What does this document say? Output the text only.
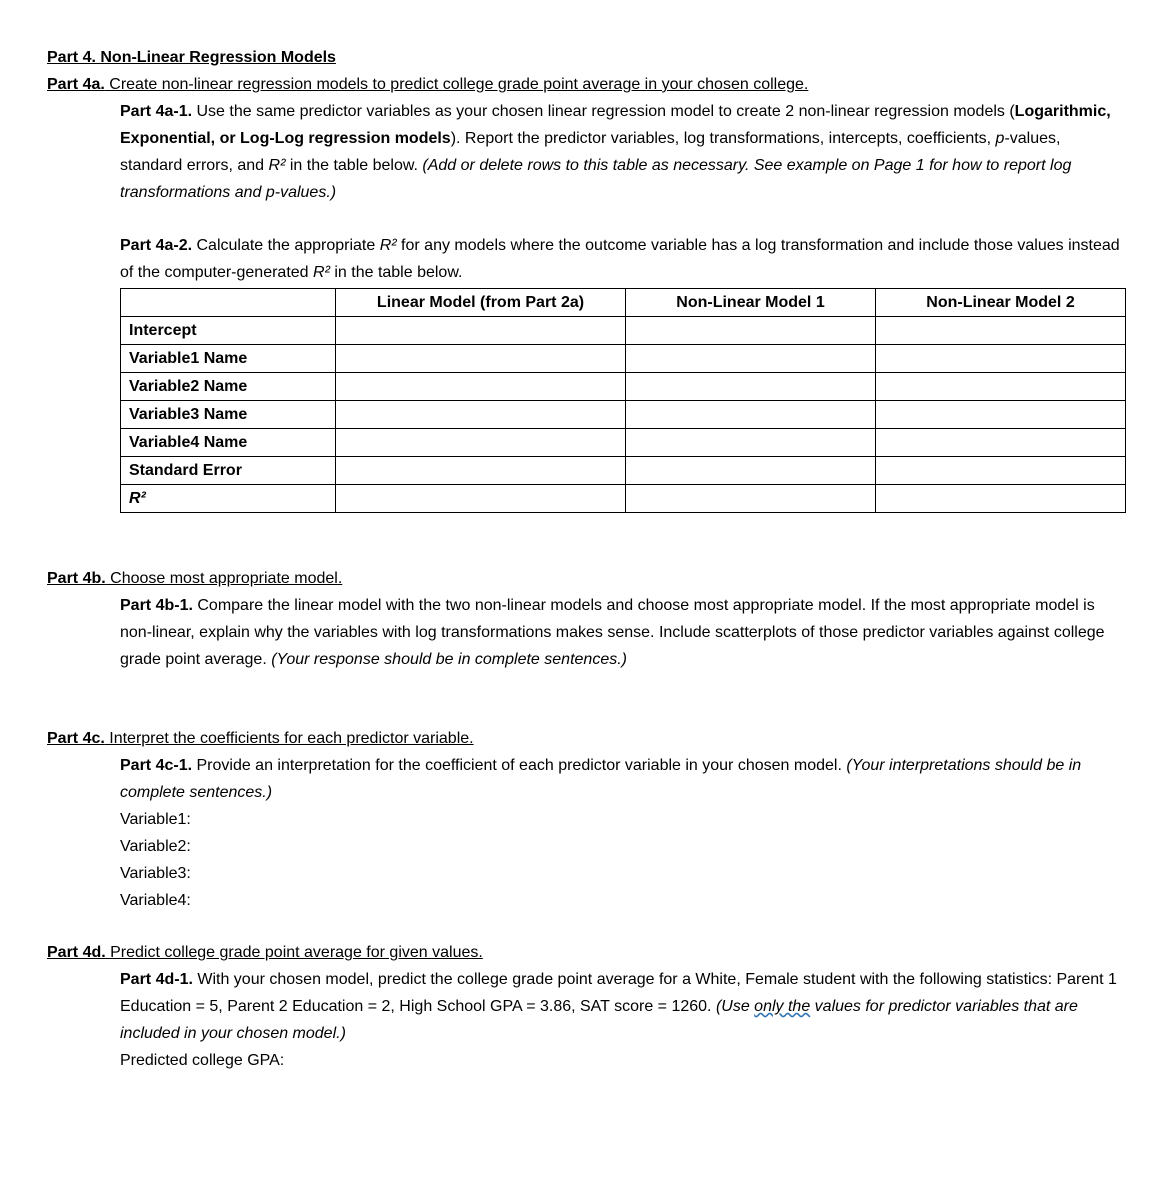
Part 4. Non-Linear Regression Models
Part 4a. Create non-linear regression models to predict college grade point average in your chosen college.

Part 4a-1. Use the same predictor variables as your chosen linear regression model to create 2 non-linear regression models (Logarithmic, Exponential, or Log-Log regression models). Report the predictor variables, log transformations, intercepts, coefficients, p-values, standard errors, and R² in the table below. (Add or delete rows to this table as necessary. See example on Page 1 for how to report log transformations and p-values.)

Part 4a-2. Calculate the appropriate R² for any models where the outcome variable has a log transformation and include those values instead of the computer-generated R² in the table below.

	Linear Model (from Part 2a)	Non-Linear Model 1	Non-Linear Model 2
Intercept			
Variable1 Name			
Variable2 Name			
Variable3 Name			
Variable4 Name			
Standard Error			
R²			
Part 4b. Choose most appropriate model.

Part 4b-1. Compare the linear model with the two non-linear models and choose most appropriate model. If the most appropriate model is non-linear, explain why the variables with log transformations makes sense. Include scatterplots of those predictor variables against college grade point average. (Your response should be in complete sentences.)

Part 4c. Interpret the coefficients for each predictor variable.

Part 4c-1. Provide an interpretation for the coefficient of each predictor variable in your chosen model. (Your interpretations should be in complete sentences.)

Variable1:
Variable2:
Variable3:
Variable4:
Part 4d. Predict college grade point average for given values.

Part 4d-1. With your chosen model, predict the college grade point average for a White, Female student with the following statistics: Parent 1 Education = 5, Parent 2 Education = 2, High School GPA = 3.86, SAT score = 1260. (Use only the values for predictor variables that are included in your chosen model.)

Predicted college GPA:
